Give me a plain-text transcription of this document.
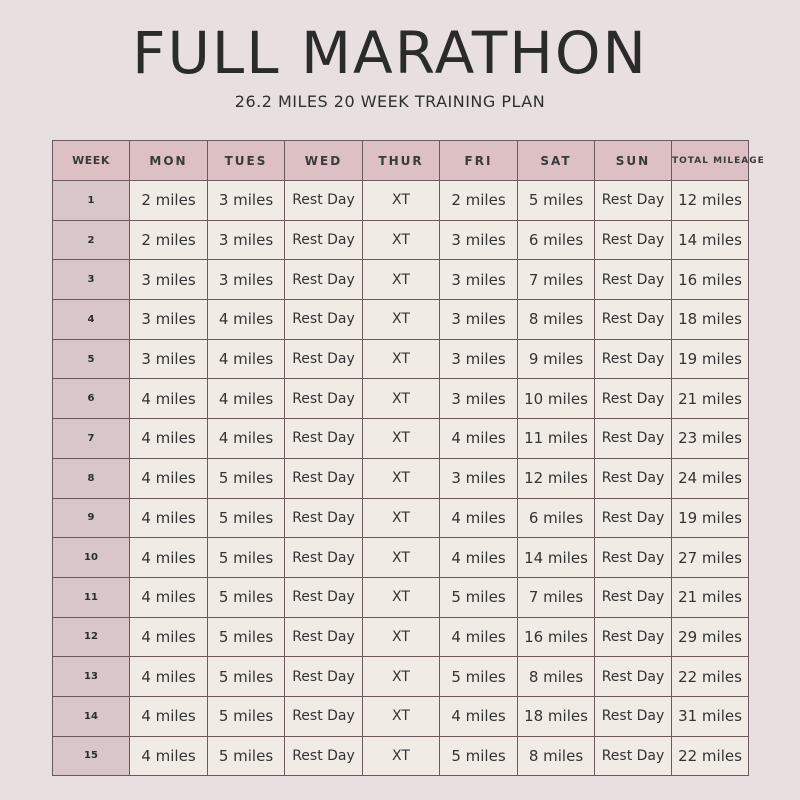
FULL MARATHON
26.2 MILES 20 WEEK TRAINING PLAN
WEEK	MON	TUES	WED	THUR	FRI	SAT	SUN	TOTAL MILEAGE
1	2 miles	3 miles	Rest Day	XT	2 miles	5 miles	Rest Day	12 miles
2	2 miles	3 miles	Rest Day	XT	3 miles	6 miles	Rest Day	14 miles
3	3 miles	3 miles	Rest Day	XT	3 miles	7 miles	Rest Day	16 miles
4	3 miles	4 miles	Rest Day	XT	3 miles	8 miles	Rest Day	18 miles
5	3 miles	4 miles	Rest Day	XT	3 miles	9 miles	Rest Day	19 miles
6	4 miles	4 miles	Rest Day	XT	3 miles	10 miles	Rest Day	21 miles
7	4 miles	4 miles	Rest Day	XT	4 miles	11 miles	Rest Day	23 miles
8	4 miles	5 miles	Rest Day	XT	3 miles	12 miles	Rest Day	24 miles
9	4 miles	5 miles	Rest Day	XT	4 miles	6 miles	Rest Day	19 miles
10	4 miles	5 miles	Rest Day	XT	4 miles	14 miles	Rest Day	27 miles
11	4 miles	5 miles	Rest Day	XT	5 miles	7 miles	Rest Day	21 miles
12	4 miles	5 miles	Rest Day	XT	4 miles	16 miles	Rest Day	29 miles
13	4 miles	5 miles	Rest Day	XT	5 miles	8 miles	Rest Day	22 miles
14	4 miles	5 miles	Rest Day	XT	4 miles	18 miles	Rest Day	31 miles
15	4 miles	5 miles	Rest Day	XT	5 miles	8 miles	Rest Day	22 miles
